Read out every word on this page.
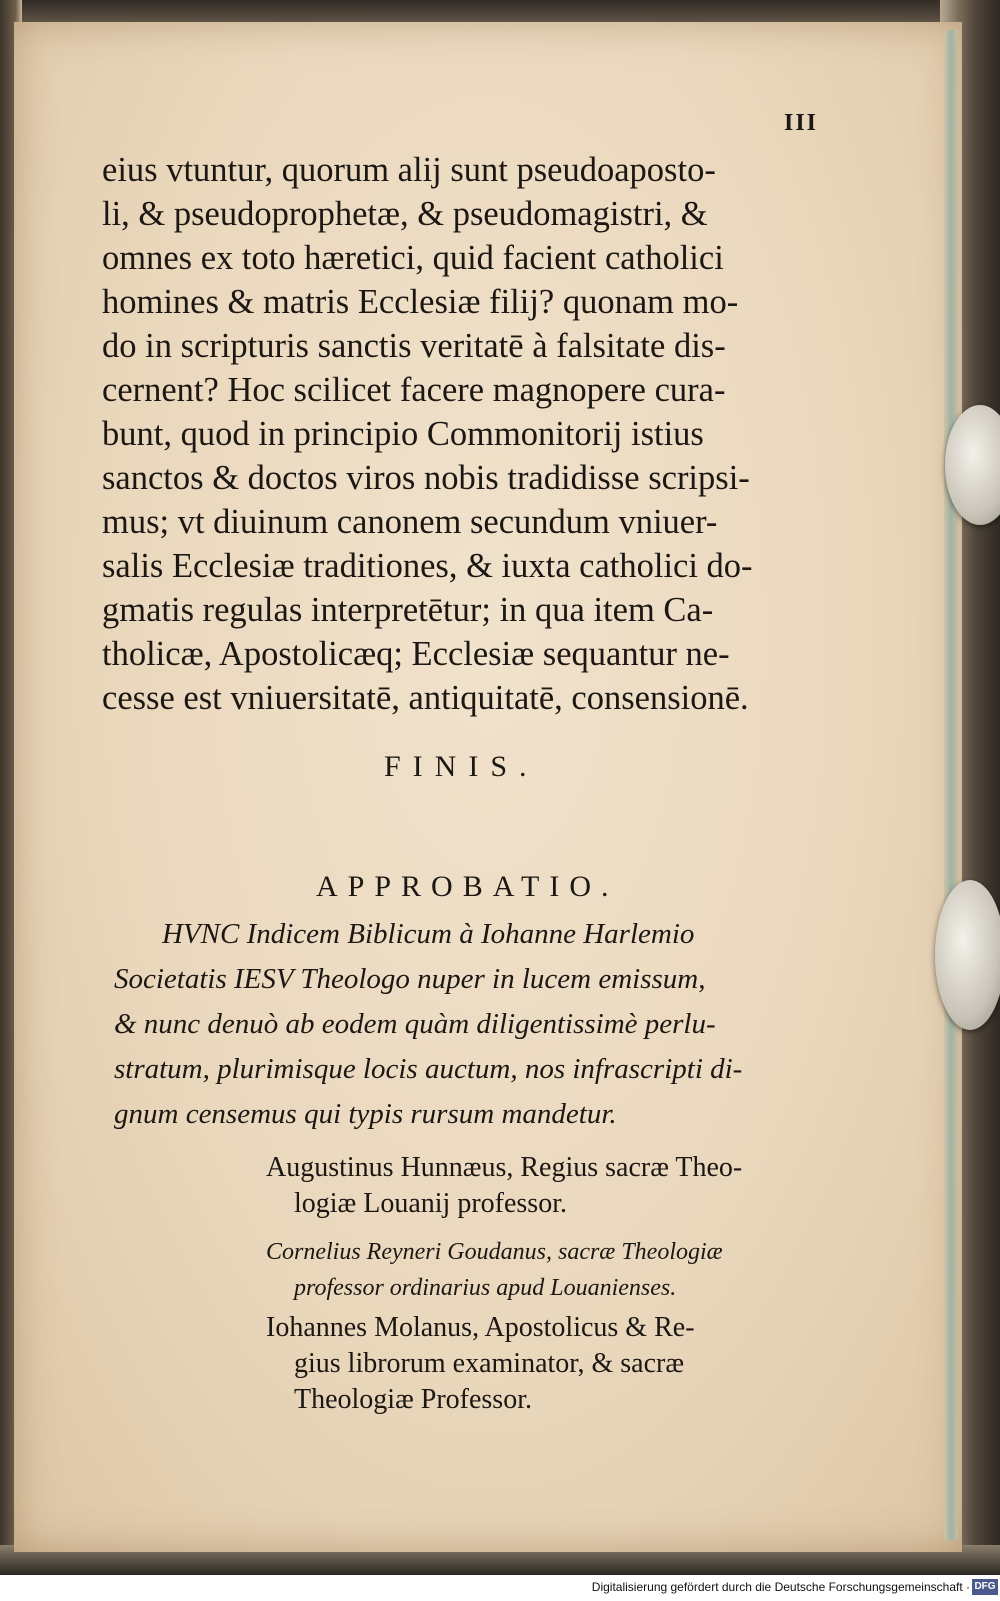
III
eius vtuntur, quorum alij sunt pseudoaposto-
li, & pseudoprophetæ, & pseudomagistri, &
omnes ex toto hæretici, quid facient catholici
homines & matris Ecclesiæ filij? quonam mo-
do in scripturis sanctis veritatē à falsitate dis-
cernent? Hoc scilicet facere magnopere cura-
bunt, quod in principio Commonitorij istius
sanctos & doctos viros nobis tradidisse scripsi-
mus; vt diuinum canonem secundum vniuer-
salis Ecclesiæ traditiones, & iuxta catholici do-
gmatis regulas interpretētur; in qua item Ca-
tholicæ, Apostolicæq; Ecclesiæ sequantur ne-
cesse est vniuersitatē, antiquitatē, consensionē.
FINIS.
APPROBATIO.
HVNC Indicem Biblicum à Iohanne Harlemio
Societatis IESV Theologo nuper in lucem emissum,
& nunc denuò ab eodem quàm diligentissimè perlu-
stratum, plurimisque locis auctum, nos infrascripti di-
gnum censemus qui typis rursum mandetur.
Augustinus Hunnæus, Regius sacræ Theo-
logiæ Louanij professor.
Cornelius Reyneri Goudanus, sacræ Theologiæ
professor ordinarius apud Louanienses.
Iohannes Molanus, Apostolicus & Re-
gius librorum examinator, & sacræ
Theologiæ Professor.
Digitalisierung gefördert durch die Deutsche Forschungsgemeinschaft · DFG
